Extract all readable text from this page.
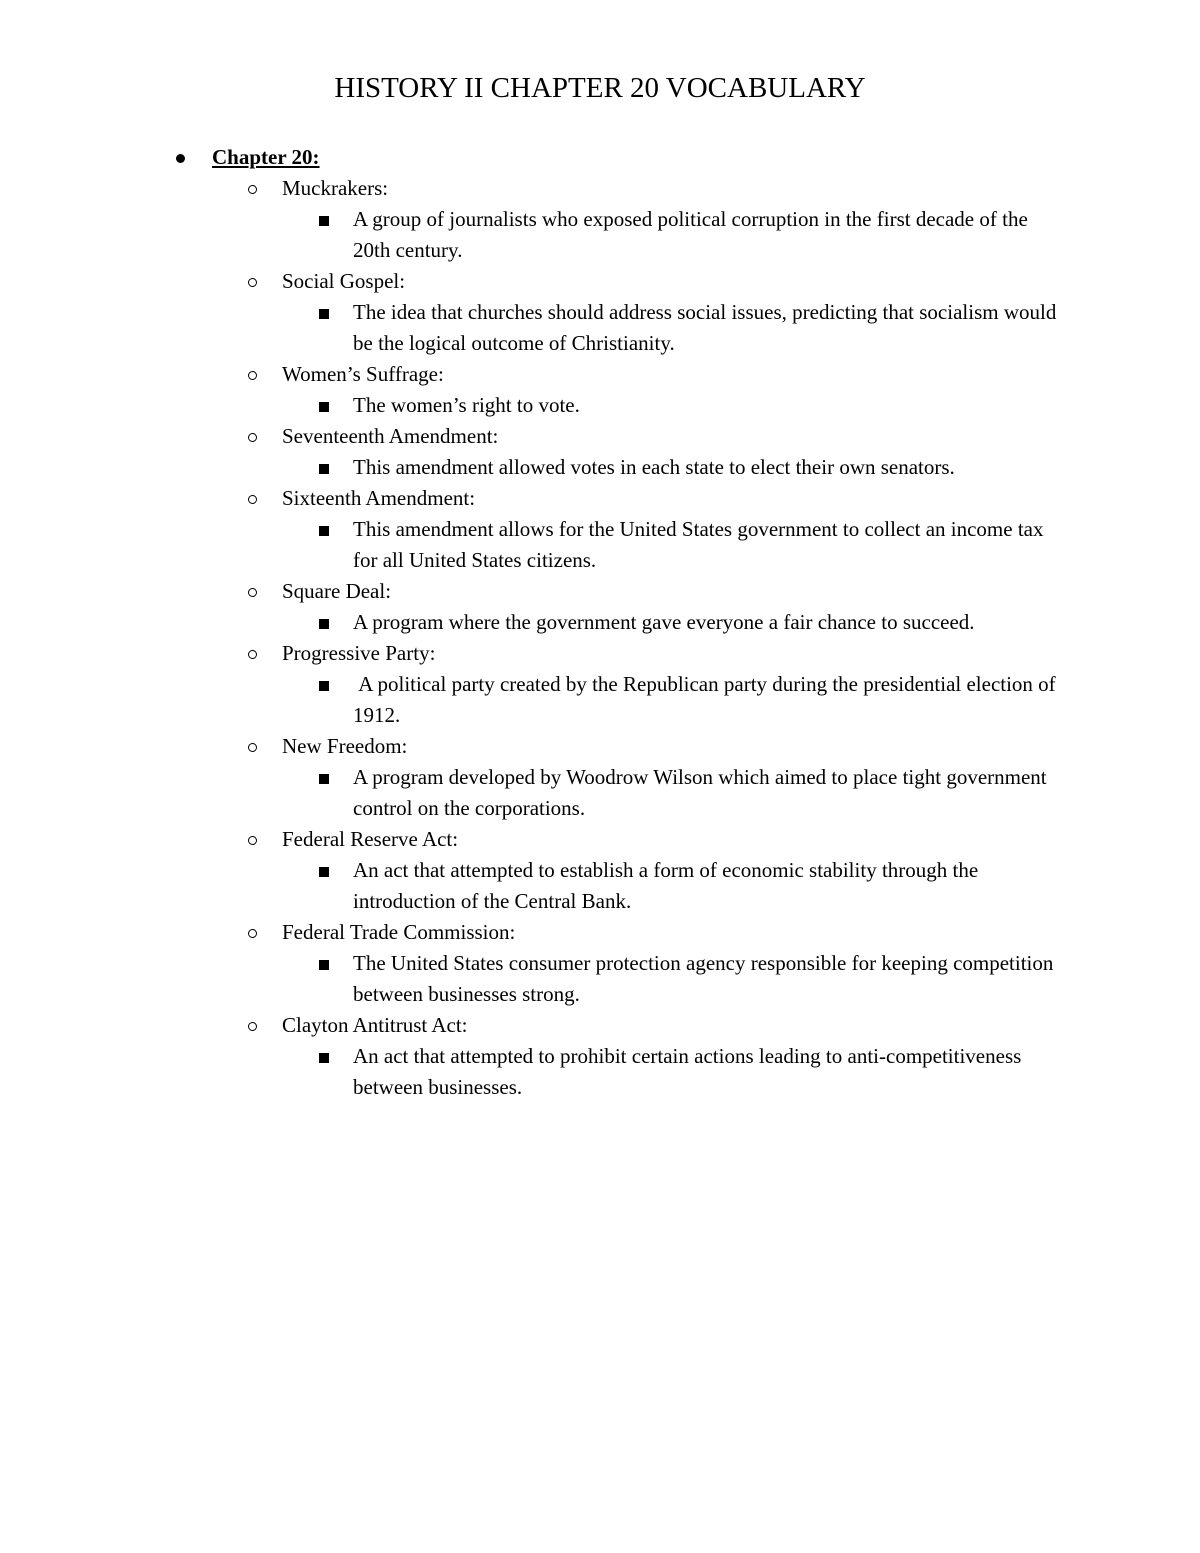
HISTORY II CHAPTER 20 VOCABULARY
Chapter 20:
Muckrakers:
A group of journalists who exposed political corruption in the first decade of the 20th century.
Social Gospel:
The idea that churches should address social issues, predicting that socialism would be the logical outcome of Christianity.
Women’s Suffrage:
The women’s right to vote.
Seventeenth Amendment:
This amendment allowed votes in each state to elect their own senators.
Sixteenth Amendment:
This amendment allows for the United States government to collect an income tax for all United States citizens.
Square Deal:
A program where the government gave everyone a fair chance to succeed.
Progressive Party:
A political party created by the Republican party during the presidential election of 1912.
New Freedom:
A program developed by Woodrow Wilson which aimed to place tight government control on the corporations.
Federal Reserve Act:
An act that attempted to establish a form of economic stability through the introduction of the Central Bank.
Federal Trade Commission:
The United States consumer protection agency responsible for keeping competition between businesses strong.
Clayton Antitrust Act:
An act that attempted to prohibit certain actions leading to anti-competitiveness between businesses.
